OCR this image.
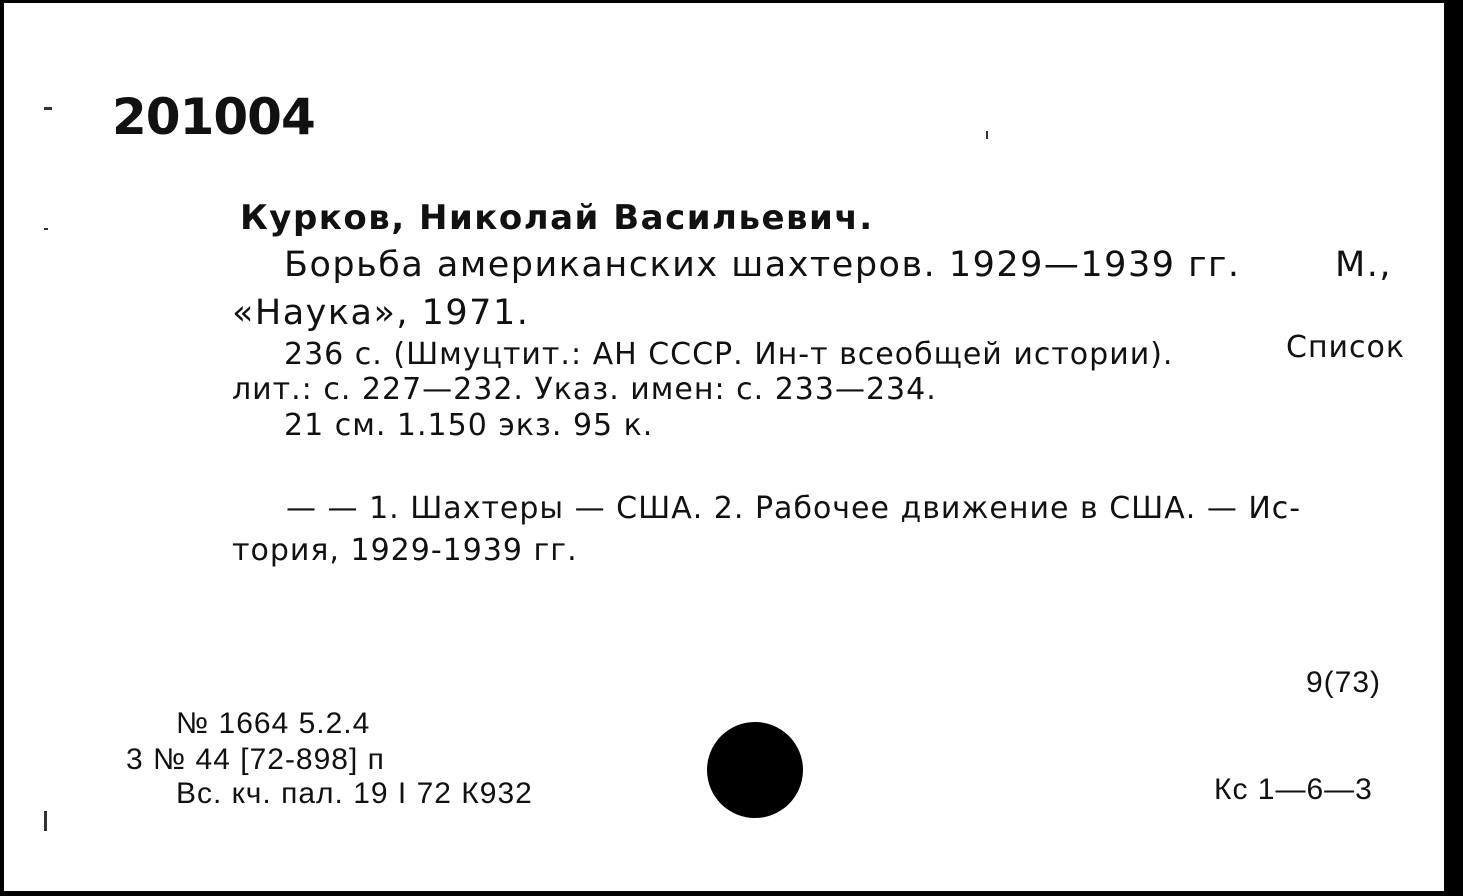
201004
Курков, Николай Васильевич.
Борьба американских шахтеров. 1929—1939 гг.	М.,
«Наука», 1971.
236 с. (Шмуцтит.: АН СССР. Ин-т всеобщей истории).	Список
лит.: с. 227—232. Указ. имен: с. 233—234.
21 см. 1.150 экз. 95 к.
— — 1. Шахтеры — США. 2. Рабочее движение в США. — Ис-
тория, 1929-1939 гг.
9(73)
№ 1664 5.2.4
3 № 44 [72-898] п
Вс. кч. пал. 19 I 72 К932	Кс 1—6—3
